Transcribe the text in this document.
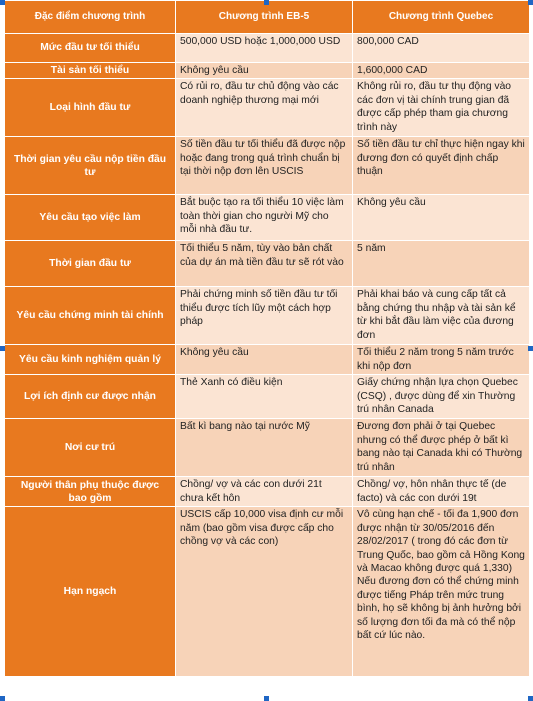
Đặc điểm chương trình	Chương trình EB-5	Chương trình Quebec
Mức đầu tư tối thiểu	500,000 USD hoặc 1,000,000 USD	800,000 CAD
Tài sản tối thiểu	Không yêu cầu	1,600,000 CAD
Loại hình đầu tư	Có rủi ro, đầu tư chủ động vào các doanh nghiệp thương mại mới	Không rủi ro, đầu tư thụ động vào các đơn vị tài chính trung gian đã được cấp phép tham gia chương trình này
Thời gian yêu cầu nộp tiền đầu tư	Số tiền đầu tư tối thiểu đã được nộp hoặc đang trong quá trình chuẩn bị tại thời nộp đơn lên USCIS	Số tiền đầu tư chỉ thực hiện ngay khi đương đơn có quyết định chấp thuận
Yêu cầu tạo việc làm	Bắt buộc tạo ra tối thiểu 10 việc làm toàn thời gian cho người Mỹ cho mỗi nhà đầu tư.	Không yêu cầu
Thời gian đầu tư	Tối thiểu 5 năm, tùy vào bản chất của dự án mà tiền đầu tư sẽ rót vào	5 năm
Yêu cầu chứng minh tài chính	Phải chứng minh số tiền đầu tư tối thiểu được tích lũy một cách hợp pháp	Phải khai báo và cung cấp tất cả bằng chứng thu nhập và tài sản kể từ khi bắt đầu làm việc của đương đơn
Yêu cầu kinh nghiệm quản lý	Không yêu cầu	Tối thiểu 2 năm trong 5 năm trước khi nộp đơn
Lợi ích định cư được nhận	Thẻ Xanh có điều kiện	Giấy chứng nhận lựa chọn Quebec (CSQ) , được dùng để xin Thường trú nhân Canada
Nơi cư trú	Bất kì bang nào tại nước Mỹ	Đương đơn phải ở tại Quebec nhưng có thể được phép ở bất kì bang nào tại Canada khi có Thường trú nhân
Người thân phụ thuộc được bao gồm	Chồng/ vợ và các con dưới 21t chưa kết hôn	Chồng/ vợ, hôn nhân thực tế (de facto) và các con dưới 19t
Hạn ngạch	USCIS cấp 10,000 visa định cư mỗi năm (bao gồm visa được cấp cho chồng vợ và các con)	Vô cùng hạn chế - tối đa 1,900 đơn được nhận từ 30/05/2016 đến 28/02/2017 ( trong đó các đơn từ Trung Quốc, bao gồm cả Hồng Kong và Macao không được quá 1,330)
Nếu đương đơn có thể chứng minh được tiếng Pháp trên mức trung bình, họ sẽ không bị ảnh hưởng bởi số lượng đơn tối đa mà có thể nộp bất cứ lúc nào.
